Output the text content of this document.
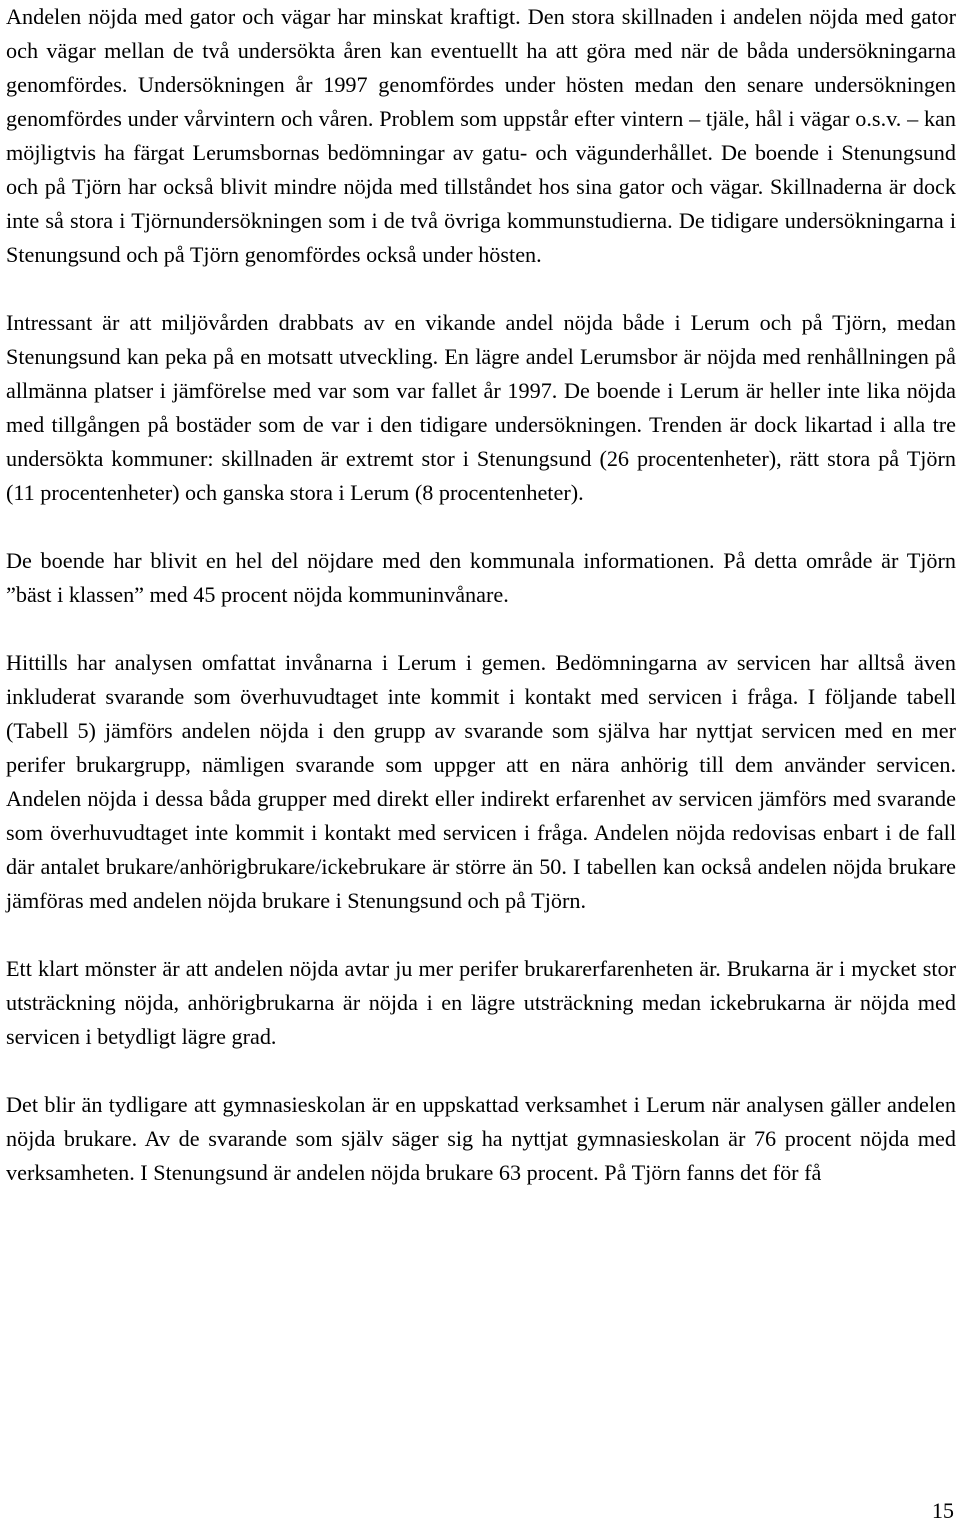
Andelen nöjda med gator och vägar har minskat kraftigt. Den stora skillnaden i andelen nöjda med gator och vägar mellan de två undersökta åren kan eventuellt ha att göra med när de båda undersökningarna genomfördes. Undersökningen år 1997 genomfördes under hösten medan den senare undersökningen genomfördes under vårvintern och våren. Problem som uppstår efter vintern – tjäle, hål i vägar o.s.v. – kan möjligtvis ha färgat Lerumsbornas bedömningar av gatu- och vägunderhållet. De boende i Stenungsund och på Tjörn har också blivit mindre nöjda med tillståndet hos sina gator och vägar. Skillnaderna är dock inte så stora i Tjörnundersökningen som i de två övriga kommunstudierna. De tidigare undersökningarna i Stenungsund och på Tjörn genomfördes också under hösten.

Intressant är att miljövården drabbats av en vikande andel nöjda både i Lerum och på Tjörn, medan Stenungsund kan peka på en motsatt utveckling. En lägre andel Lerumsbor är nöjda med renhållningen på allmänna platser i jämförelse med var som var fallet år 1997. De boende i Lerum är heller inte lika nöjda med tillgången på bostäder som de var i den tidigare undersökningen. Trenden är dock likartad i alla tre undersökta kommuner: skillnaden är extremt stor i Stenungsund (26 procentenheter), rätt stora på Tjörn (11 procentenheter) och ganska stora i Lerum (8 procentenheter).

De boende har blivit en hel del nöjdare med den kommunala informationen. På detta område är Tjörn ”bäst i klassen” med 45 procent nöjda kommuninvånare.

Hittills har analysen omfattat invånarna i Lerum i gemen. Bedömningarna av servicen har alltså även inkluderat svarande som överhuvudtaget inte kommit i kontakt med servicen i fråga. I följande tabell (Tabell 5) jämförs andelen nöjda i den grupp av svarande som själva har nyttjat servicen med en mer perifer brukargrupp, nämligen svarande som uppger att en nära anhörig till dem använder servicen. Andelen nöjda i dessa båda grupper med direkt eller indirekt erfarenhet av servicen jämförs med svarande som överhuvudtaget inte kommit i kontakt med servicen i fråga. Andelen nöjda redovisas enbart i de fall där antalet brukare/anhörigbrukare/ickebrukare är större än 50. I tabellen kan också andelen nöjda brukare jämföras med andelen nöjda brukare i Stenungsund och på Tjörn.

Ett klart mönster är att andelen nöjda avtar ju mer perifer brukarerfarenheten är. Brukarna är i mycket stor utsträckning nöjda, anhörigbrukarna är nöjda i en lägre utsträckning medan ickebrukarna är nöjda med servicen i betydligt lägre grad.

Det blir än tydligare att gymnasieskolan är en uppskattad verksamhet i Lerum när analysen gäller andelen nöjda brukare. Av de svarande som själv säger sig ha nyttjat gymnasieskolan är 76 procent nöjda med verksamheten. I Stenungsund är andelen nöjda brukare 63 procent. På Tjörn fanns det för få

15
